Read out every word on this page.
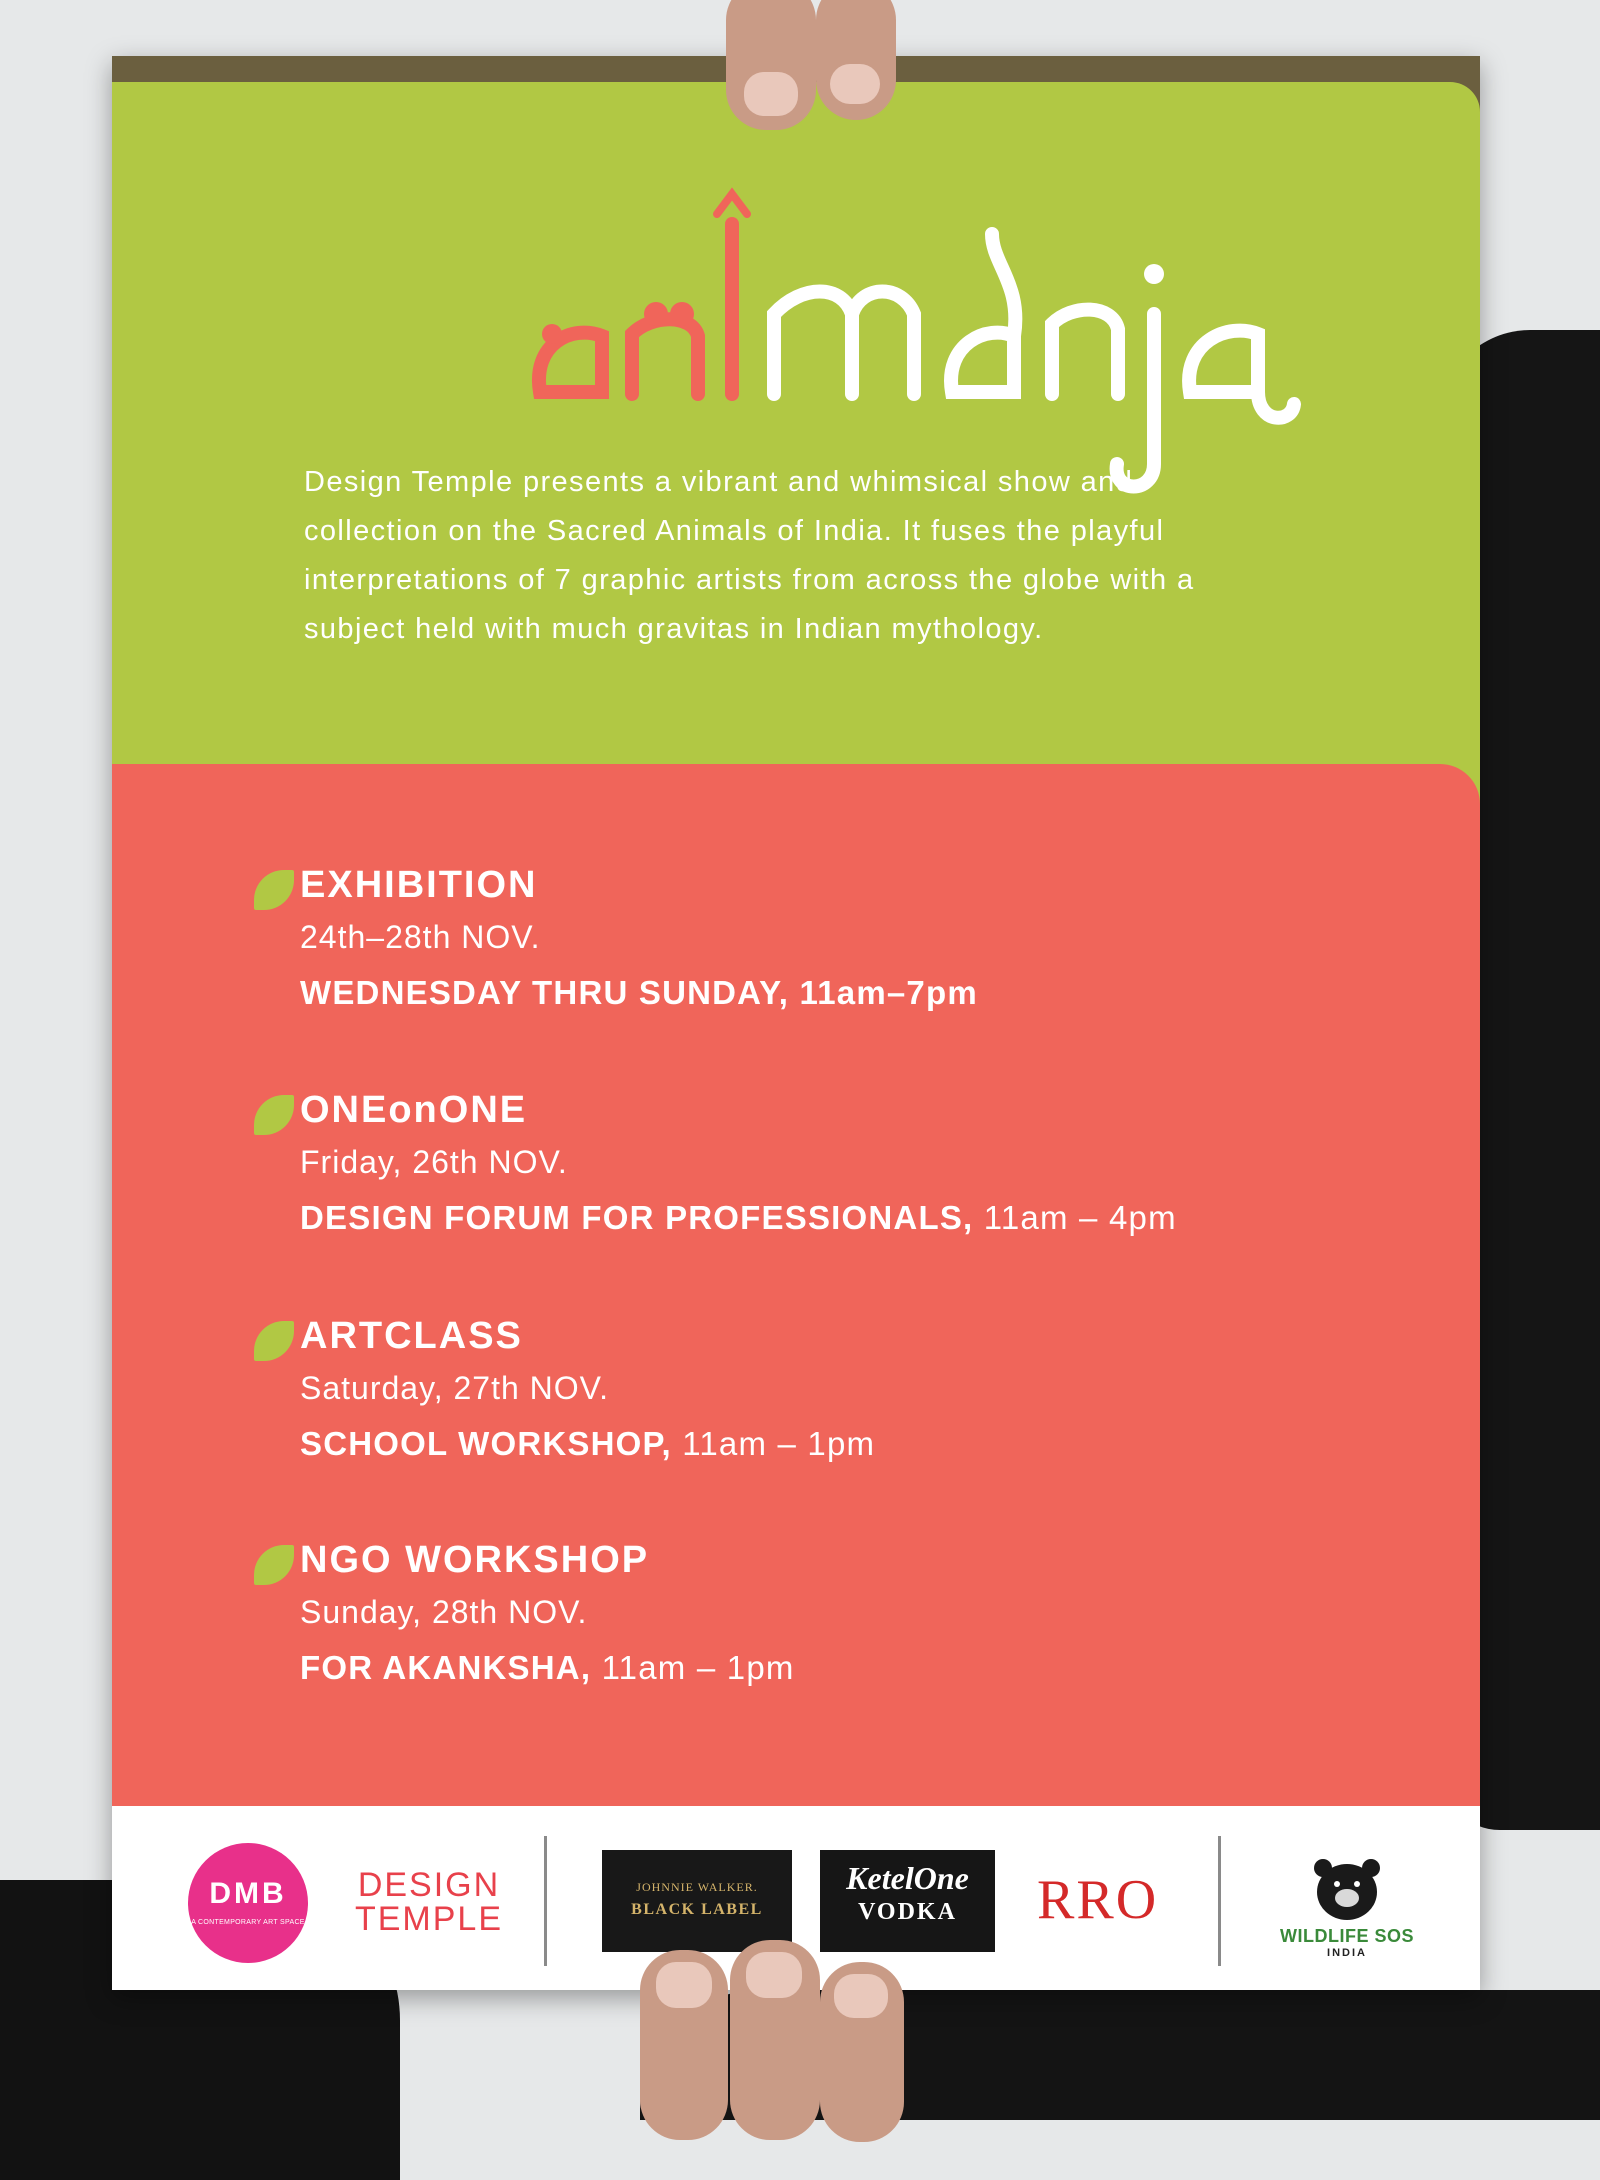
.

Design Temple presents a vibrant and whimsical show and collection on the Sacred Animals of India. It fuses the playful interpretations of 7 graphic artists from across the globe with a subject held with much gravitas in Indian mythology.

EXHIBITION
24th–28th NOV.
WEDNESDAY THRU SUNDAY, 11am–7pm
ONEonONE
Friday, 26th NOV.
DESIGN FORUM FOR PROFESSIONALS, 11am – 4pm
ARTCLASS
Saturday, 27th NOV.
SCHOOL WORKSHOP, 11am – 1pm
NGO WORKSHOP
Sunday, 28th NOV.
FOR AKANKSHA, 11am – 1pm
DMB
A CONTEMPORARY ART SPACE
DESIGN
TEMPLE
JOHNNIE WALKER.
BLACK LABEL
KetelOne
VODKA	RRO
WILDLIFE SOS
INDIA
